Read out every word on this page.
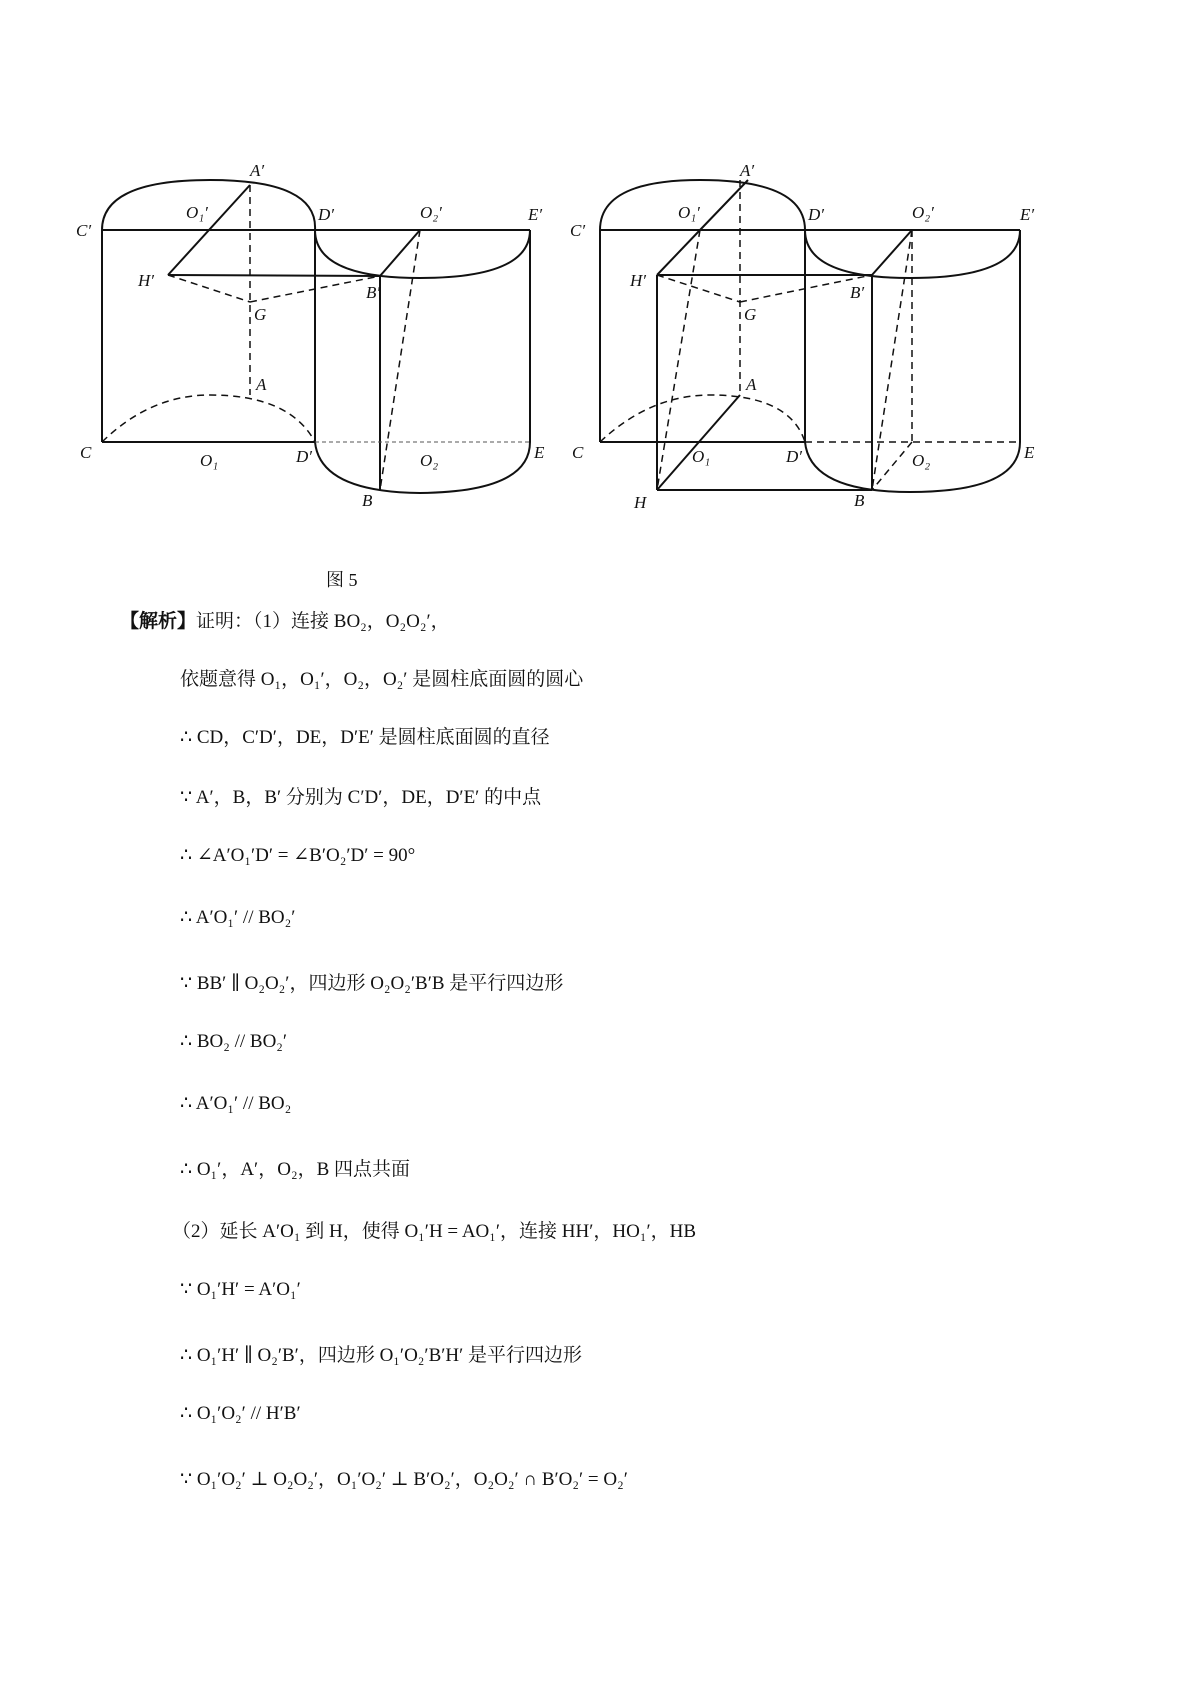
A′
O₁′	D′	O₂′	E′
C′
H′
B′
G
A
C	O₁	D′	O₂	E
B
A′
O₁′	D′	O₂′	E′
C′
H′
B′
G
A
C	O₁	D′	O₂	E
H	B
图 5
【解析】证明：（1）连接 BO₂，O₂O₂′，
依题意得 O₁，O₁′，O₂，O₂′ 是圆柱底面圆的圆心
∴ CD，C′D′，DE，D′E′ 是圆柱底面圆的直径
∵ A′，B，B′ 分别为 C′D′，DE，D′E′ 的中点
∴ ∠A′O₁′D′ = ∠B′O₂′D′ = 90°
∴ A′O₁′ // BO₂′
∵ BB′ ∥ O₂O₂′，四边形 O₂O₂′B′B 是平行四边形
∴ BO₂ // BO₂′
∴ A′O₁′ // BO₂
∴ O₁′，A′，O₂，B 四点共面
（2）延长 A′O₁ 到 H，使得 O₁′H = AO₁′，连接 HH′，HO₁′，HB
∵ O₁′H′ = A′O₁′
∴ O₁′H′ ∥ O₂′B′，四边形 O₁′O₂′B′H′ 是平行四边形
∴ O₁′O₂′ // H′B′
∵ O₁′O₂′ ⊥ O₂O₂′，O₁′O₂′ ⊥ B′O₂′，O₂O₂′ ∩ B′O₂′ = O₂′
